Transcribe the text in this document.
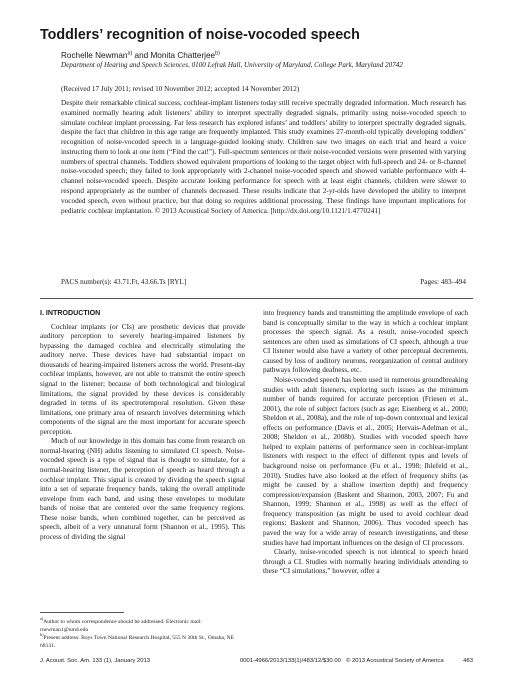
Toddlers’ recognition of noise-vocoded speech
Rochelle Newman$^{a)}$ and Monita Chatterjee$^{b)}$
Department of Hearing and Speech Sciences, 0100 Lefrak Hall, University of Maryland, College Park, Maryland 20742
(Received 17 July 2011; revised 10 November 2012; accepted 14 November 2012)

Despite their remarkable clinical success, cochlear-implant listeners today still receive spectrally degraded information. Much research has examined normally hearing adult listeners’ ability to interpret spectrally degraded signals, primarily using noise-vocoded speech to simulate cochlear implant processing. Far less research has explored infants’ and toddlers’ ability to interpret spectrally degraded signals, despite the fact that children in this age range are frequently implanted. This study examines 27-month-old typically developing toddlers’ recognition of noise-vocoded speech in a language-guided looking study. Children saw two images on each trial and heard a voice instructing them to look at one item (“Find the cat!”). Full-spectrum sentences or their noise-vocoded versions were presented with varying numbers of spectral channels. Toddlers showed equivalent proportions of looking to the target object with full-speech and 24- or 8-channel noise-vocoded speech; they failed to look appropriately with 2-channel noise-vocoded speech and showed variable performance with 4-channel noise-vocoded speech. Despite accurate looking performance for speech with at least eight channels, children were slower to respond appropriately as the number of channels decreased. These results indicate that 2-yr-olds have developed the ability to interpret vocoded speech, even without practice, but that doing so requires additional processing. These findings have important implications for pediatric cochlear implantation. © 2013 Acoustical Society of America. [http://dx.doi.org/10.1121/1.4770241]

PACS number(s): 43.71.Ft, 43.66.Ts [RYL]	Pages: 483–494
I. INTRODUCTION

Cochlear implants (or CIs) are prosthetic devices that provide auditory perception to severely hearing-impaired listeners by bypassing the damaged cochlea and electrically stimulating the auditory nerve. These devices have had substantial impact on thousands of hearing-impaired listeners across the world. Present-day cochlear implants, however, are not able to transmit the entire speech signal to the listener; because of both technological and biological limitations, the signal provided by these devices is considerably degraded in terms of its spectrotemporal resolution. Given these limitations, one primary area of research involves determining which components of the signal are the most important for accurate speech perception.

Much of our knowledge in this domain has come from research on normal-hearing (NH) adults listening to simulated CI speech. Noise-vocoded speech is a type of signal that is thought to simulate, for a normal-hearing listener, the perception of speech as heard through a cochlear implant. This signal is created by dividing the speech signal into a set of separate frequency bands, taking the overall amplitude envelope from each band, and using these envelopes to modulate bands of noise that are centered over the same frequency regions. These noise bands, when combined together, can be perceived as speech, albeit of a very unnatural form (Shannon et al., 1995). This process of dividing the signal

into frequency bands and transmitting the amplitude envelope of each band is conceptually similar to the way in which a cochlear implant processes the speech signal. As a result, noise-vocoded speech sentences are often used as simulations of CI speech, although a true CI listener would also have a variety of other perceptual decrements, caused by loss of auditory neurons, reorganization of central auditory pathways following deafness, etc.

Noise-vocoded speech has been used in numerous groundbreaking studies with adult listeners, exploring such issues as the minimum number of bands required for accurate perception (Friesen et al., 2001), the role of subject factors (such as age; Eisenberg et al., 2000; Sheldon et al., 2008a), and the role of top-down contextual and lexical effects on performance (Davis et al., 2005; Hervais-Adelman et al., 2008; Sheldon et al., 2008b). Studies with vocoded speech have helped to explain patterns of performance seen in cochlear-implant listeners with respect to the effect of different types and levels of background noise on performance (Fu et al., 1998; Ihlefeld et al., 2010). Studies have also looked at the effect of frequency shifts (as might be caused by a shallow insertion depth) and frequency compression/expansion (Baskent and Shannon, 2003, 2007; Fu and Shannon, 1999; Shannon et al., 1998) as well as the effect of frequency transposition (as might be used to avoid cochlear dead regions; Baskent and Shannon, 2006). Thus vocoded speech has paved the way for a wide array of research investigations, and these studies have had important influences on the design of CI processors.

Clearly, noise-vocoded speech is not identical to speech heard through a CI. Studies with normally hearing individuals attending to these “CI simulations,” however, offer a

$^{a)}$Author to whom correspondence should be addressed. Electronic mail: rnewman1@umd.edu
$^{b)}$Present address: Boys Town National Research Hospital, 555 N 30th St., Omaha, NE 68131.
J. Acoust. Soc. Am. 133 (1), January 2013	0001-4966/2013/133(1)/483/12/$30.00 © 2013 Acoustical Society of America	483
